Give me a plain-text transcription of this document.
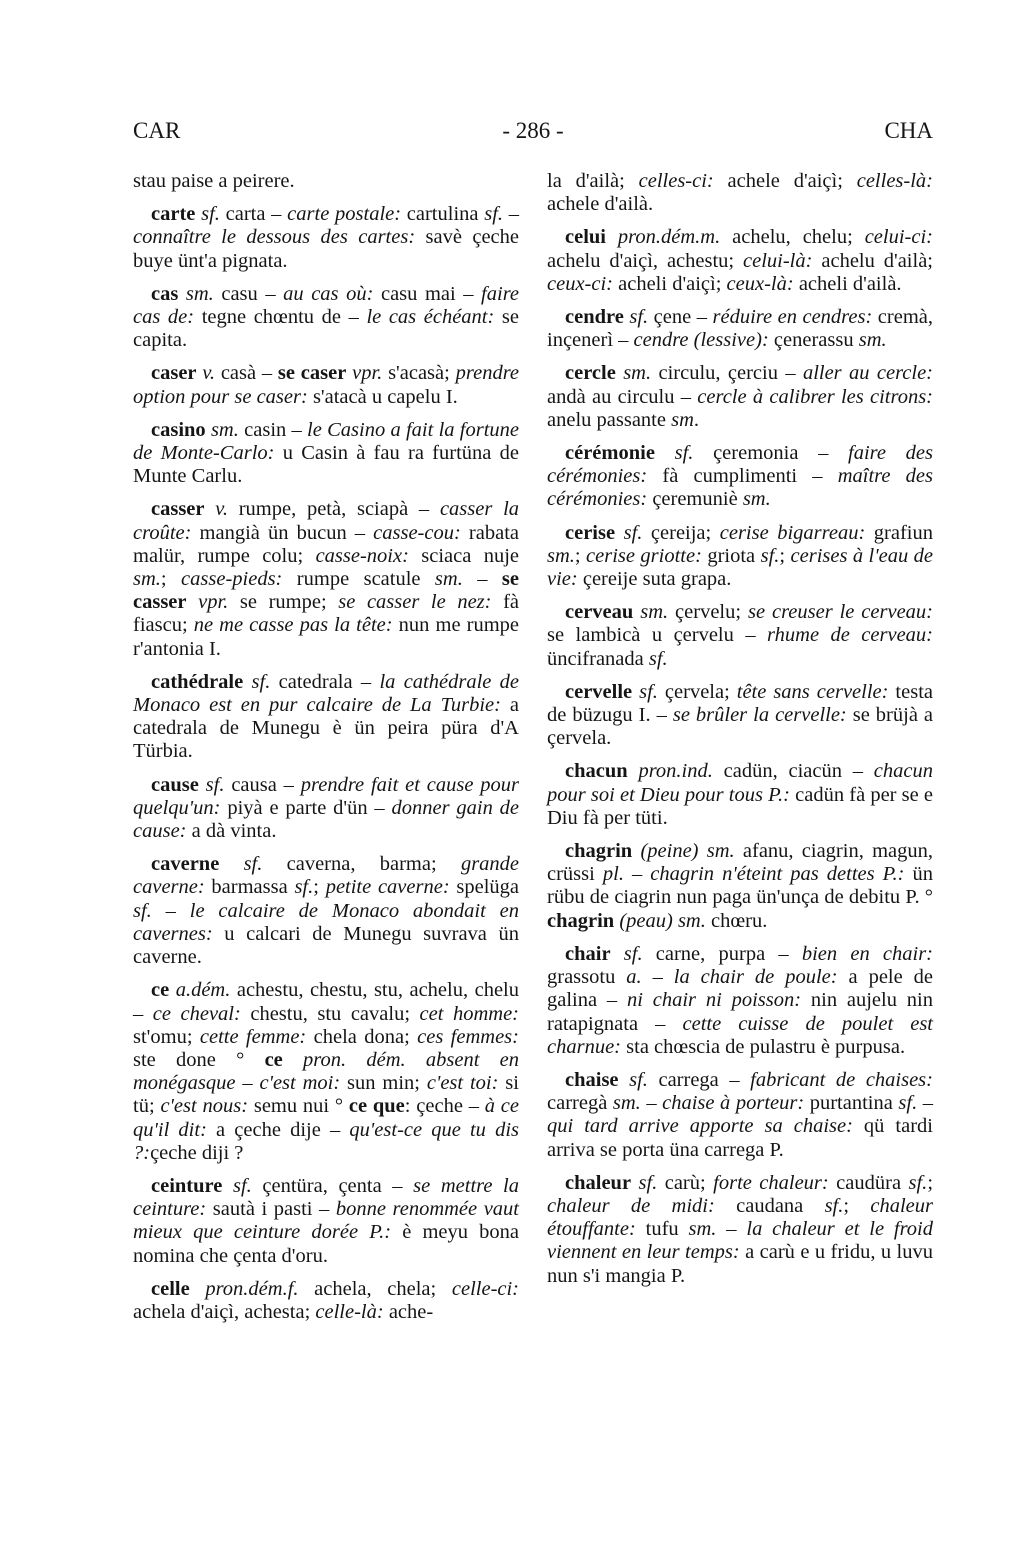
CAR	- 286 -	CHA

stau paise a peirere.

carte sf. carta – carte postale: cartulina sf. – connaître le dessous des cartes: savè çeche buye ünt'a pignata.

cas sm. casu – au cas où: casu mai – faire cas de: tegne chœntu de – le cas échéant: se capita.

caser v. casà – se caser vpr. s'acasà; prendre option pour se caser: s'atacà u capelu I.

casino sm. casin – le Casino a fait la fortune de Monte-Carlo: u Casin à fau ra furtüna de Munte Carlu.

casser v. rumpe, petà, sciapà – casser la croûte: mangià ün bucun – casse-cou: rabata malür, rumpe colu; casse-noix: sciaca nuje sm.; casse-pieds: rumpe scatule sm. – se casser vpr. se rumpe; se casser le nez: fà fiascu; ne me casse pas la tête: nun me rumpe r'antonia I.

cathédrale sf. catedrala – la cathédrale de Monaco est en pur calcaire de La Turbie: a catedrala de Munegu è ün peira püra d'A Türbia.

cause sf. causa – prendre fait et cause pour quelqu'un: piyà e parte d'ün – donner gain de cause: a dà vinta.

caverne sf. caverna, barma; grande caverne: barmassa sf.; petite caverne: spelüga sf. – le calcaire de Monaco abondait en cavernes: u calcari de Munegu suvrava ün caverne.

ce a.dém. achestu, chestu, stu, achelu, chelu – ce cheval: chestu, stu cavalu; cet homme: st'omu; cette femme: chela dona; ces femmes: ste done ° ce pron. dém. absent en monégasque – c'est moi: sun min; c'est toi: si tü; c'est nous: semu nui ° ce que: çeche – à ce qu'il dit: a çeche dije – qu'est-ce que tu dis ?:çeche diji ?

ceinture sf. çentüra, çenta – se mettre la ceinture: sautà i pasti – bonne renommée vaut mieux que ceinture dorée P.: è meyu bona nomina che çenta d'oru.

celle pron.dém.f. achela, chela; celle-ci: achela d'aiçì, achesta; celle-là: ache-

la d'ailà; celles-ci: achele d'aiçì; celles-là: achele d'ailà.

celui pron.dém.m. achelu, chelu; celui-ci: achelu d'aiçì, achestu; celui-là: achelu d'ailà; ceux-ci: acheli d'aiçì; ceux-là: acheli d'ailà.

cendre sf. çene – réduire en cendres: cremà, inçenerì – cendre (lessive): çenerassu sm.

cercle sm. circulu, çerciu – aller au cercle: andà au circulu – cercle à calibrer les citrons: anelu passante sm.

cérémonie sf. çeremonia – faire des cérémonies: fà cumplimenti – maître des cérémonies: çeremuniè sm.

cerise sf. çereija; cerise bigarreau: grafiun sm.; cerise griotte: griota sf.; cerises à l'eau de vie: çereije suta grapa.

cerveau sm. çervelu; se creuser le cerveau: se lambicà u çervelu – rhume de cerveau: üncifranada sf.

cervelle sf. çervela; tête sans cervelle: testa de büzugu I. – se brûler la cervelle: se brüjà a çervela.

chacun pron.ind. cadün, ciacün – chacun pour soi et Dieu pour tous P.: cadün fà per se e Diu fà per tüti.

chagrin (peine) sm. afanu, ciagrin, magun, crüssi pl. – chagrin n'éteint pas dettes P.: ün rübu de ciagrin nun paga ün'unça de debitu P. ° chagrin (peau) sm. chœru.

chair sf. carne, purpa – bien en chair: grassotu a. – la chair de poule: a pele de galina – ni chair ni poisson: nin aujelu nin ratapignata – cette cuisse de poulet est charnue: sta chœscia de pulastru è purpusa.

chaise sf. carrega – fabricant de chaises: carregà sm. – chaise à porteur: purtantina sf. – qui tard arrive apporte sa chaise: qü tardi arriva se porta üna carrega P.

chaleur sf. carù; forte chaleur: caudüra sf.; chaleur de midi: caudana sf.; chaleur étouffante: tufu sm. – la chaleur et le froid viennent en leur temps: a carù e u fridu, u luvu nun s'i mangia P.
